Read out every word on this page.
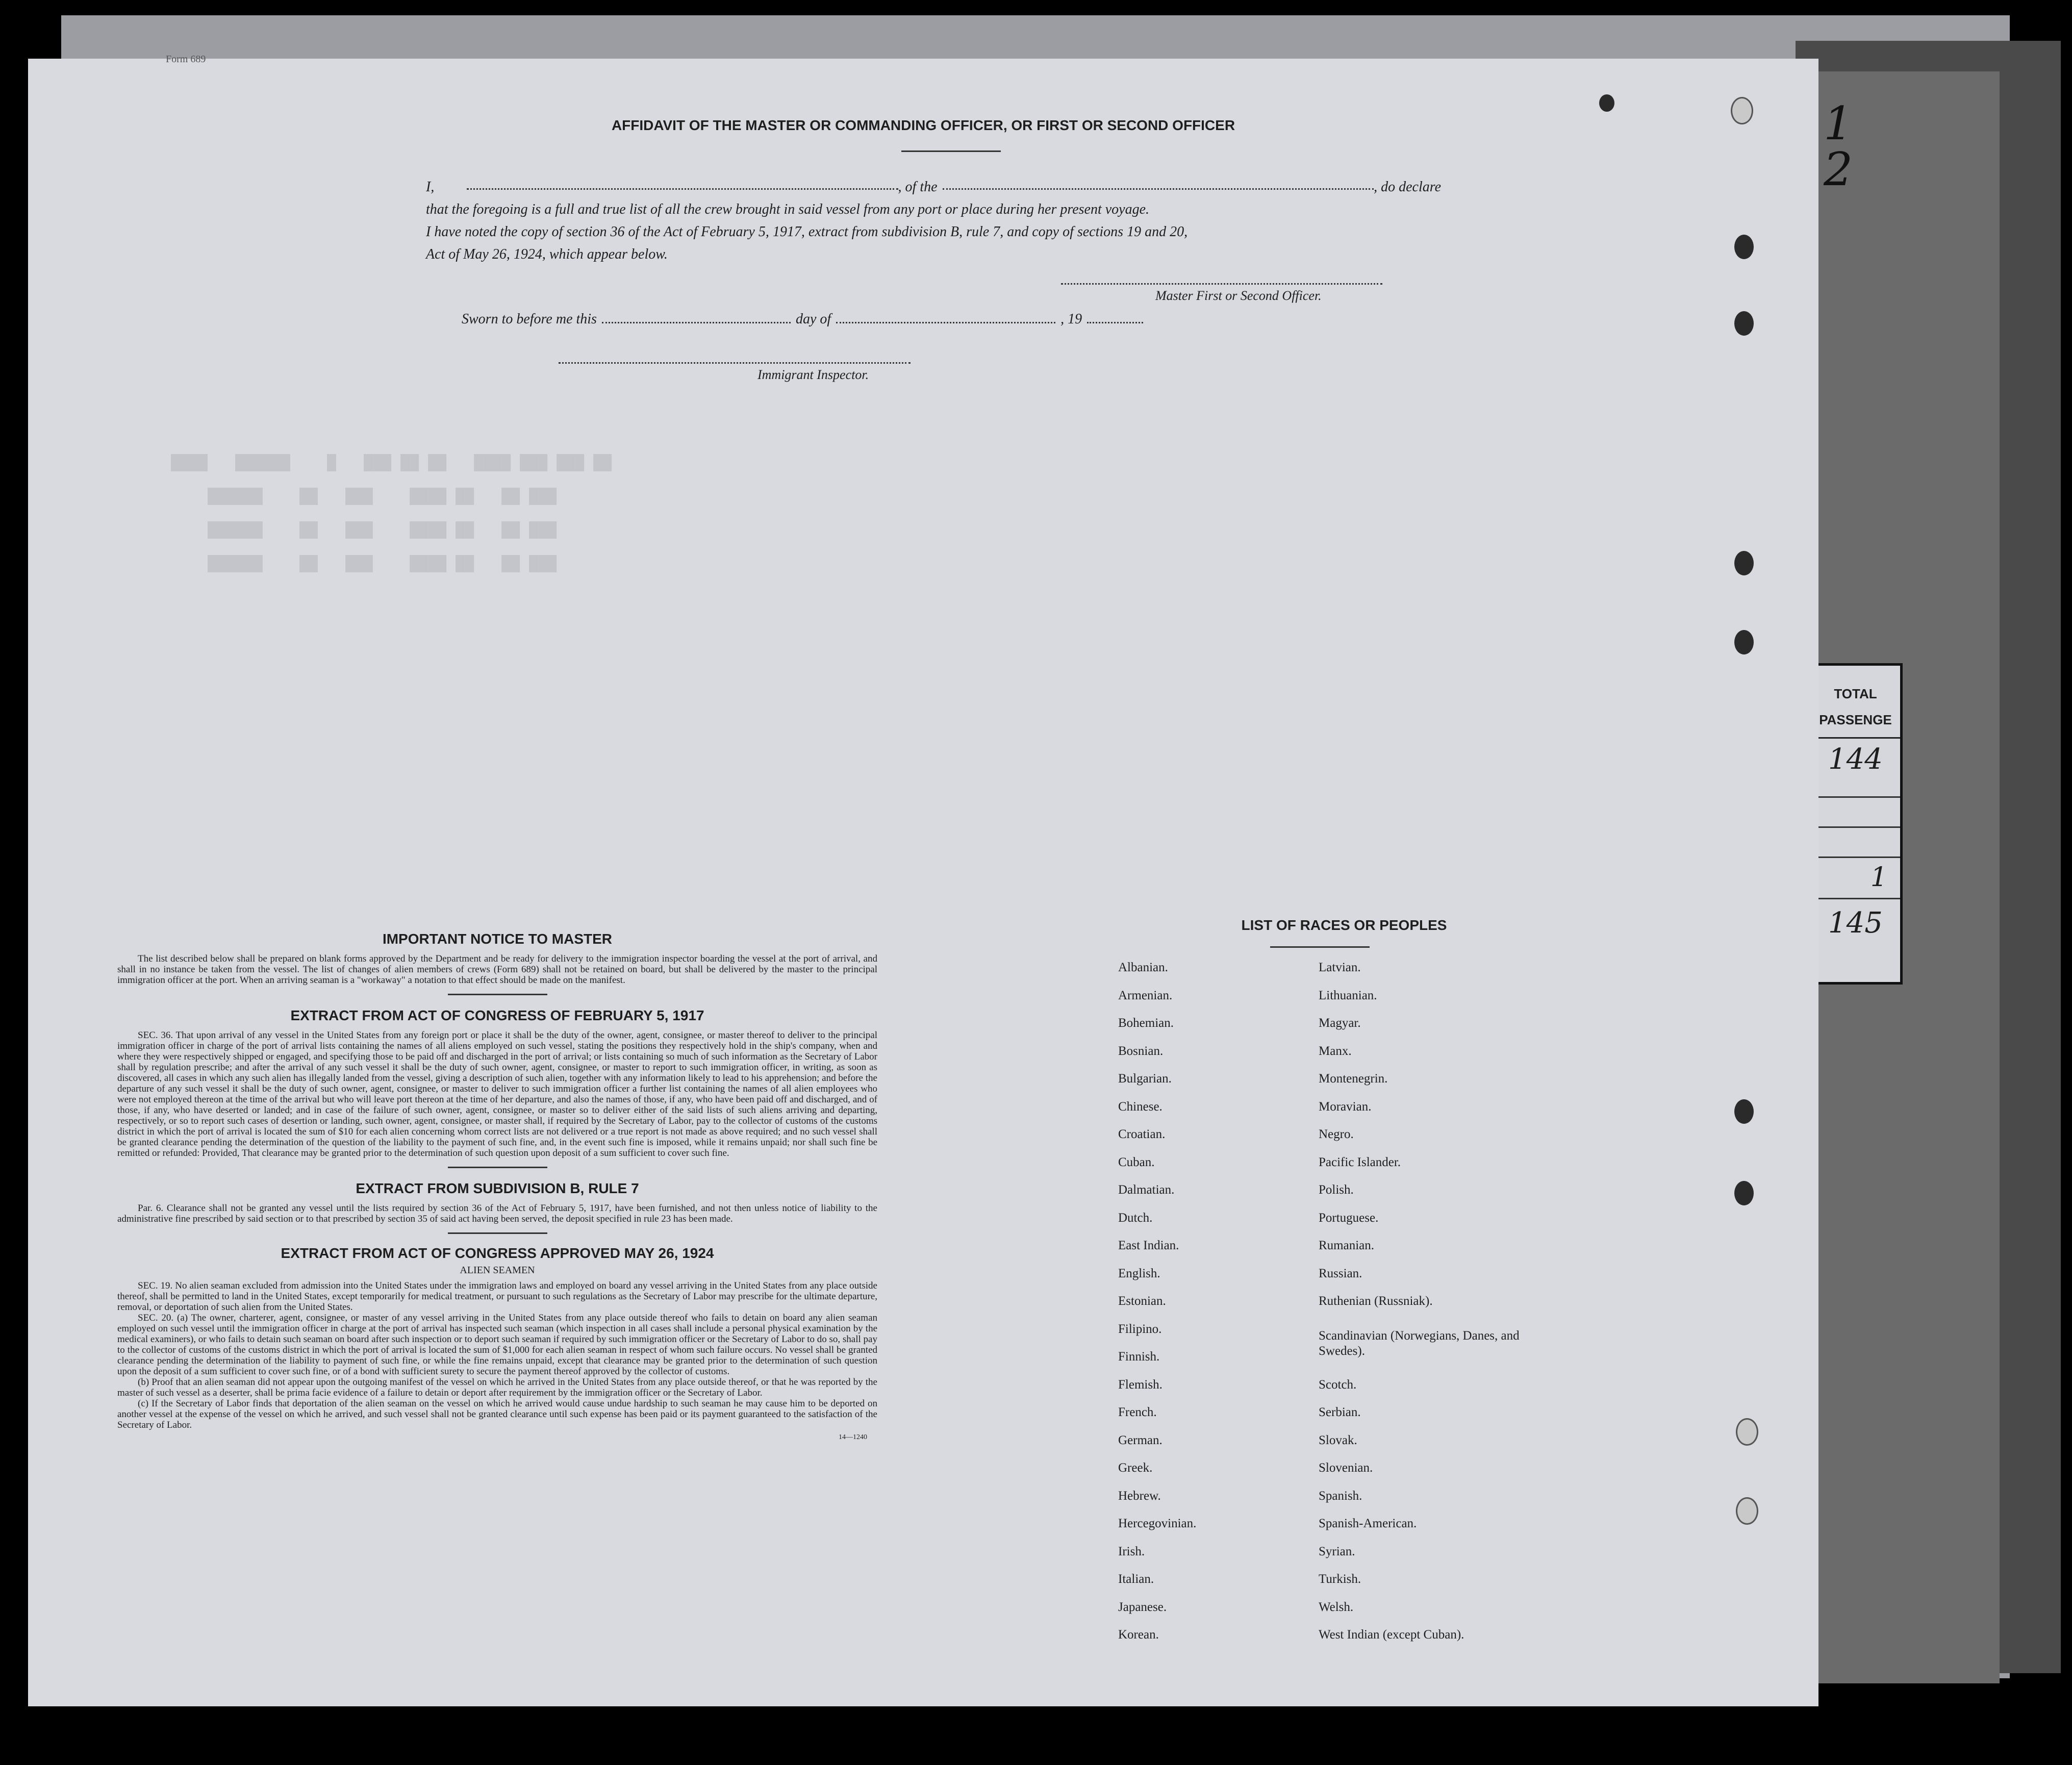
1
2
TOTAL
PASSENGE
144
1
145
Form 689
████   ██████    █   ███ ██ ██   ████ ███ ███ ██
██████    ██   ███    ████ ██   ██ ███
██████    ██   ███    ████ ██   ██ ███
██████    ██   ███    ████ ██   ██ ███
AFFIDAVIT OF THE MASTER OR COMMANDING OFFICER, OR FIRST OR SECOND OFFICER
I,	, of the	, do declare
that the foregoing is a full and true list of all the crew brought in said vessel from any port or place during her present voyage.
I have noted the copy of section 36 of the Act of February 5, 1917, extract from subdivision B, rule 7, and copy of sections 19 and 20,
Act of May 26, 1924, which appear below.
Master First or Second Officer.
Sworn to before me this	day of	, 19
Immigrant Inspector.
IMPORTANT NOTICE TO MASTER
The list described below shall be prepared on blank forms approved by the Department and be ready for delivery to the immigration inspector boarding the vessel at the port of arrival, and shall in no instance be taken from the vessel. The list of changes of alien members of crews (Form 689) shall not be retained on board, but shall be delivered by the master to the principal immigration officer at the port. When an arriving seaman is a "workaway" a notation to that effect should be made on the manifest.
EXTRACT FROM ACT OF CONGRESS OF FEBRUARY 5, 1917
SEC. 36. That upon arrival of any vessel in the United States from any foreign port or place it shall be the duty of the owner, agent, consignee, or master thereof to deliver to the principal immigration officer in charge of the port of arrival lists containing the names of all aliens employed on such vessel, stating the positions they respectively hold in the ship's company, when and where they were respectively shipped or engaged, and specifying those to be paid off and discharged in the port of arrival; or lists containing so much of such information as the Secretary of Labor shall by regulation prescribe; and after the arrival of any such vessel it shall be the duty of such owner, agent, consignee, or master to report to such immigration officer, in writing, as soon as discovered, all cases in which any such alien has illegally landed from the vessel, giving a description of such alien, together with any information likely to lead to his apprehension; and before the departure of any such vessel it shall be the duty of such owner, agent, consignee, or master to deliver to such immigration officer a further list containing the names of all alien employees who were not employed thereon at the time of the arrival but who will leave port thereon at the time of her departure, and also the names of those, if any, who have been paid off and discharged, and of those, if any, who have deserted or landed; and in case of the failure of such owner, agent, consignee, or master so to deliver either of the said lists of such aliens arriving and departing, respectively, or so to report such cases of desertion or landing, such owner, agent, consignee, or master shall, if required by the Secretary of Labor, pay to the collector of customs of the customs district in which the port of arrival is located the sum of $10 for each alien concerning whom correct lists are not delivered or a true report is not made as above required; and no such vessel shall be granted clearance pending the determination of the question of the liability to the payment of such fine, and, in the event such fine is imposed, while it remains unpaid; nor shall such fine be remitted or refunded: Provided, That clearance may be granted prior to the determination of such question upon deposit of a sum sufficient to cover such fine.
EXTRACT FROM SUBDIVISION B, RULE 7
Par. 6. Clearance shall not be granted any vessel until the lists required by section 36 of the Act of February 5, 1917, have been furnished, and not then unless notice of liability to the administrative fine prescribed by said section or to that prescribed by section 35 of said act having been served, the deposit specified in rule 23 has been made.
EXTRACT FROM ACT OF CONGRESS APPROVED MAY 26, 1924
ALIEN SEAMEN
SEC. 19. No alien seaman excluded from admission into the United States under the immigration laws and employed on board any vessel arriving in the United States from any place outside thereof, shall be permitted to land in the United States, except temporarily for medical treatment, or pursuant to such regulations as the Secretary of Labor may prescribe for the ultimate departure, removal, or deportation of such alien from the United States.
SEC. 20. (a) The owner, charterer, agent, consignee, or master of any vessel arriving in the United States from any place outside thereof who fails to detain on board any alien seaman employed on such vessel until the immigration officer in charge at the port of arrival has inspected such seaman (which inspection in all cases shall include a personal physical examination by the medical examiners), or who fails to detain such seaman on board after such inspection or to deport such seaman if required by such immigration officer or the Secretary of Labor to do so, shall pay to the collector of customs of the customs district in which the port of arrival is located the sum of $1,000 for each alien seaman in respect of whom such failure occurs. No vessel shall be granted clearance pending the determination of the liability to payment of such fine, or while the fine remains unpaid, except that clearance may be granted prior to the determination of such question upon the deposit of a sum sufficient to cover such fine, or of a bond with sufficient surety to secure the payment thereof approved by the collector of customs.
(b) Proof that an alien seaman did not appear upon the outgoing manifest of the vessel on which he arrived in the United States from any place outside thereof, or that he was reported by the master of such vessel as a deserter, shall be prima facie evidence of a failure to detain or deport after requirement by the immigration officer or the Secretary of Labor.
(c) If the Secretary of Labor finds that deportation of the alien seaman on the vessel on which he arrived would cause undue hardship to such seaman he may cause him to be deported on another vessel at the expense of the vessel on which he arrived, and such vessel shall not be granted clearance until such expense has been paid or its payment guaranteed to the satisfaction of the Secretary of Labor.
14—1240
LIST OF RACES OR PEOPLES
Albanian.
Armenian.
Bohemian.
Bosnian.
Bulgarian.
Chinese.
Croatian.
Cuban.
Dalmatian.
Dutch.
East Indian.
English.
Estonian.
Filipino.
Finnish.
Flemish.
French.
German.
Greek.
Hebrew.
Hercegovinian.
Irish.
Italian.
Japanese.
Korean.
Latvian.
Lithuanian.
Magyar.
Manx.
Montenegrin.
Moravian.
Negro.
Pacific Islander.
Polish.
Portuguese.
Rumanian.
Russian.
Ruthenian (Russniak).
Scandinavian (Norwegians, Danes, and Swedes).
Scotch.
Serbian.
Slovak.
Slovenian.
Spanish.
Spanish-American.
Syrian.
Turkish.
Welsh.
West Indian (except Cuban).
